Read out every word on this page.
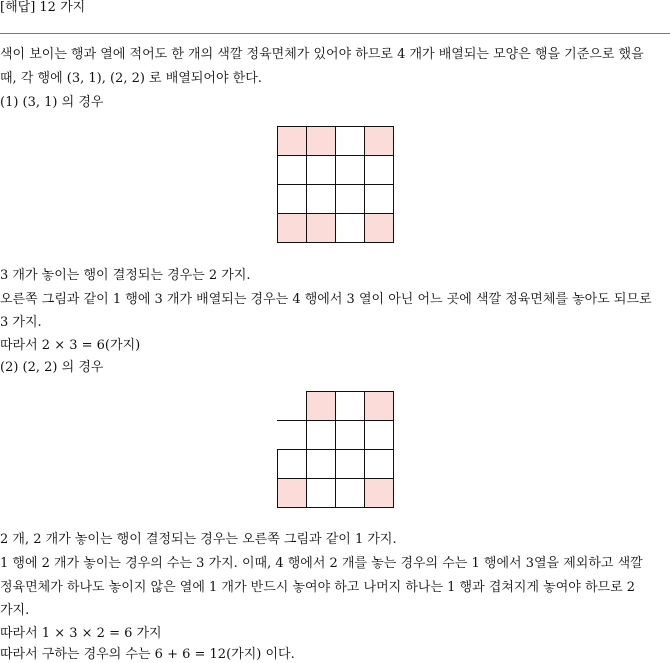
[해답] 12 가지
색이 보이는 행과 열에 적어도 한 개의 색깔 정육면체가 있어야 하므로 4 개가 배열되는 모양은 행을 기준으로 했을
때, 각 행에 (3, 1), (2, 2) 로 배열되어야 한다.
(1) (3, 1) 의 경우

3 개가 놓이는 행이 결정되는 경우는 2 가지.
오른쪽 그림과 같이 1 행에 3 개가 배열되는 경우는 4 행에서 3 열이 아닌 어느 곳에 색깔 정육면체를 놓아도 되므로
3 가지.
따라서 2 × 3 = 6(가지)
(2) (2, 2) 의 경우

2 개, 2 개가 놓이는 행이 결정되는 경우는 오른쪽 그림과 같이 1 가지.
1 행에 2 개가 놓이는 경우의 수는 3 가지. 이때, 4 행에서 2 개를 놓는 경우의 수는 1 행에서 3열을 제외하고 색깔
정육면체가 하나도 놓이지 않은 열에 1 개가 반드시 놓여야 하고 나머지 하나는 1 행과 겹쳐지게 놓여야 하므로 2
가지.
따라서 1 × 3 × 2 = 6 가지
따라서 구하는 경우의 수는 6 + 6 = 12(가지) 이다.
